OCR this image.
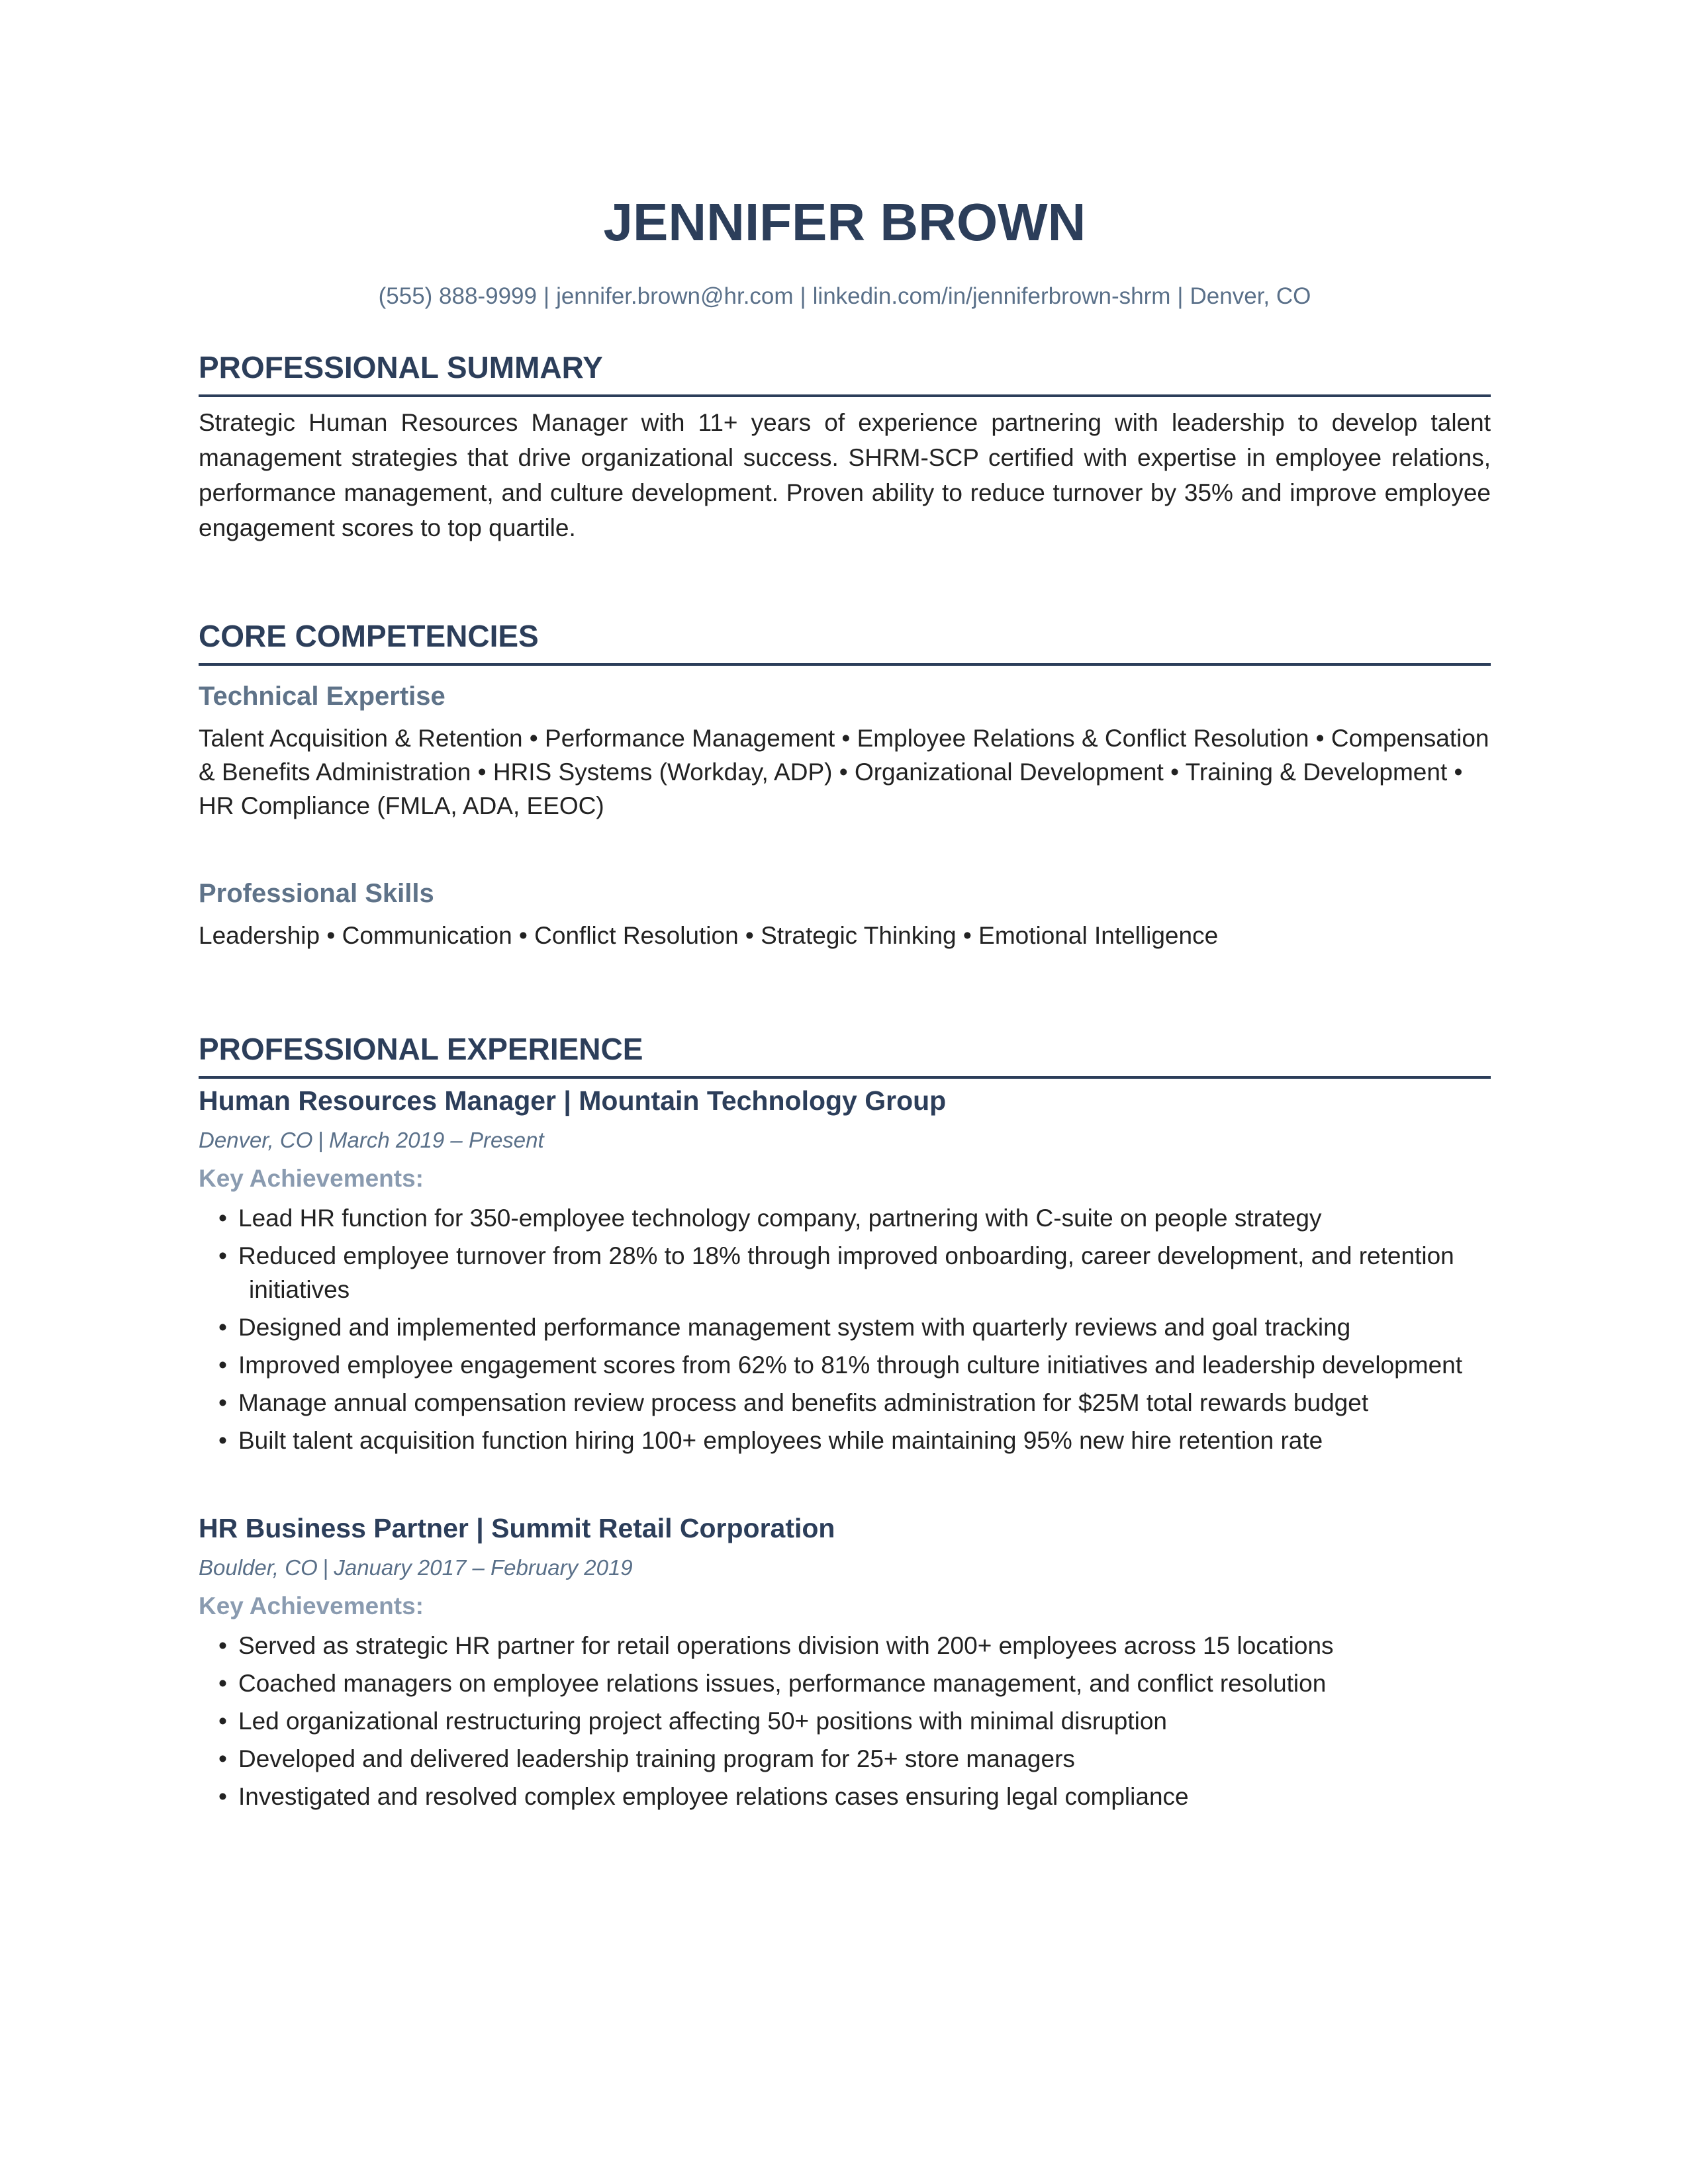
JENNIFER BROWN
(555) 888-9999 | jennifer.brown@hr.com | linkedin.com/in/jenniferbrown-shrm | Denver, CO
PROFESSIONAL SUMMARY
Strategic Human Resources Manager with 11+ years of experience partnering with leadership to develop talent management strategies that drive organizational success. SHRM-SCP certified with expertise in employee relations, performance management, and culture development. Proven ability to reduce turnover by 35% and improve employee engagement scores to top quartile.
CORE COMPETENCIES
Technical Expertise
Talent Acquisition & Retention • Performance Management • Employee Relations & Conflict Resolution • Compensation & Benefits Administration • HRIS Systems (Workday, ADP) • Organizational Development • Training & Development • HR Compliance (FMLA, ADA, EEOC)
Professional Skills
Leadership • Communication • Conflict Resolution • Strategic Thinking • Emotional Intelligence
PROFESSIONAL EXPERIENCE
Human Resources Manager | Mountain Technology Group
Denver, CO | March 2019 – Present
Key Achievements:
• Lead HR function for 350-employee technology company, partnering with C-suite on people strategy
• Reduced employee turnover from 28% to 18% through improved onboarding, career development, and retention initiatives
• Designed and implemented performance management system with quarterly reviews and goal tracking
• Improved employee engagement scores from 62% to 81% through culture initiatives and leadership development
• Manage annual compensation review process and benefits administration for $25M total rewards budget
• Built talent acquisition function hiring 100+ employees while maintaining 95% new hire retention rate
HR Business Partner | Summit Retail Corporation
Boulder, CO | January 2017 – February 2019
Key Achievements:
• Served as strategic HR partner for retail operations division with 200+ employees across 15 locations
• Coached managers on employee relations issues, performance management, and conflict resolution
• Led organizational restructuring project affecting 50+ positions with minimal disruption
• Developed and delivered leadership training program for 25+ store managers
• Investigated and resolved complex employee relations cases ensuring legal compliance
